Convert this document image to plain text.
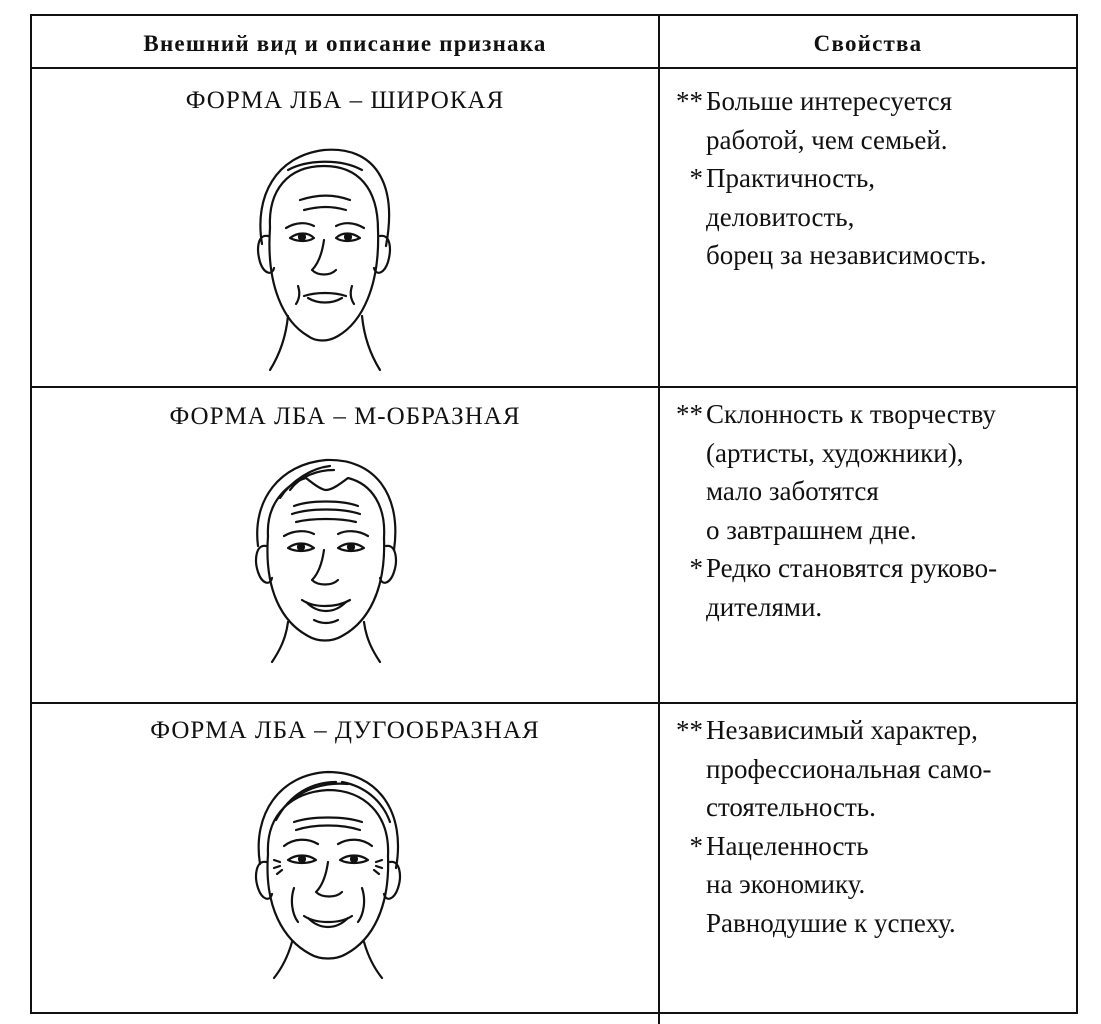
Внешний вид и описание признака	Свойства
ФОРМА ЛБА – ШИРОКАЯ	** Больше интересуется
работой, чем семьей.
* Практичность,
деловитость,
борец за независимость.
ФОРМА ЛБА – М-ОБРАЗНАЯ	** Склонность к творчеству
(артисты, художники),
мало заботятся
о завтрашнем дне.
* Редко становятся руково-
дителями.
ФОРМА ЛБА – ДУГООБРАЗНАЯ	** Независимый характер,
профессиональная само-
стоятельность.
* Нацеленность
на экономику.
Равнодушие к успеху.
